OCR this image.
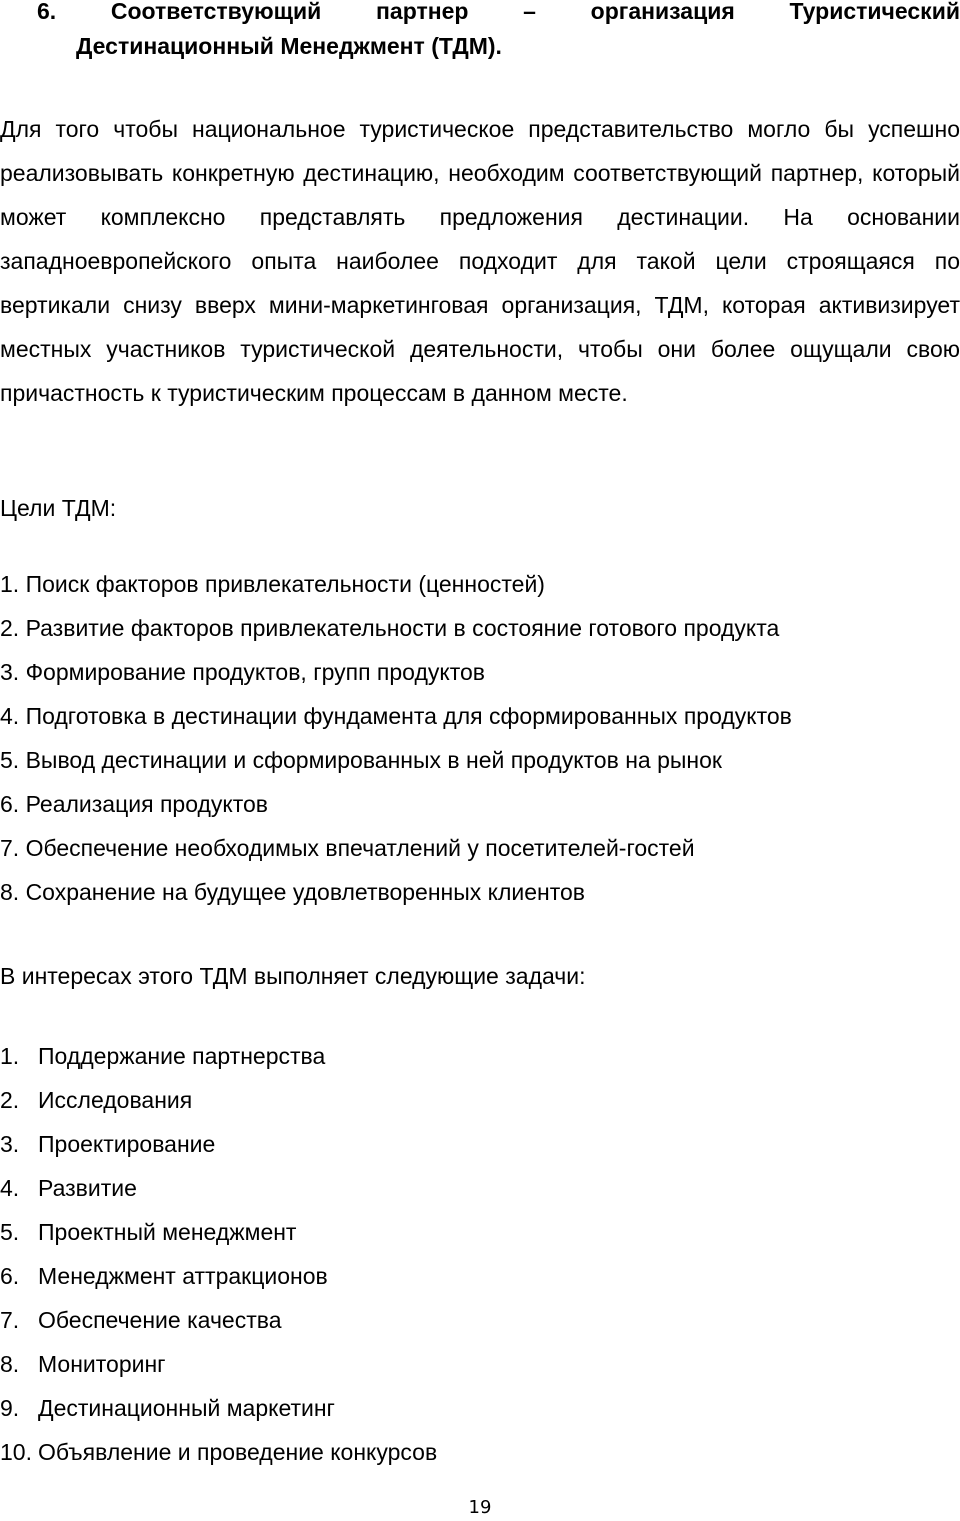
6. Соответствующий партнер – организация Туристический
Дестинационный Менеджмент (ТДМ).

Для того чтобы национальное туристическое представительство могло бы успешно реализовывать конкретную дестинацию, необходим соответствующий партнер, который может комплексно представлять предложения дестинации. На основании западноевропейского опыта наиболее подходит для такой цели строящаяся по вертикали снизу вверх мини-маркетинговая организация, ТДМ, которая активизирует местных участников туристической деятельности, чтобы они более ощущали свою причастность к туристическим процессам в данном месте.

Цели ТДМ:

1. Поиск факторов привлекательности (ценностей)
2. Развитие факторов привлекательности в состояние готового продукта
3. Формирование продуктов, групп продуктов
4. Подготовка в дестинации фундамента для сформированных продуктов
5. Вывод дестинации и сформированных в ней продуктов на рынок
6. Реализация продуктов
7. Обеспечение необходимых впечатлений у посетителей-гостей
8. Сохранение на будущее удовлетворенных клиентов

В интересах этого ТДМ выполняет следующие задачи:

1. Поддержание партнерства
2. Исследования
3. Проектирование
4. Развитие
5. Проектный менеджмент
6. Менеджмент аттракционов
7. Обеспечение качества
8. Мониторинг
9. Дестинационный маркетинг
10. Объявление и проведение конкурсов
19
